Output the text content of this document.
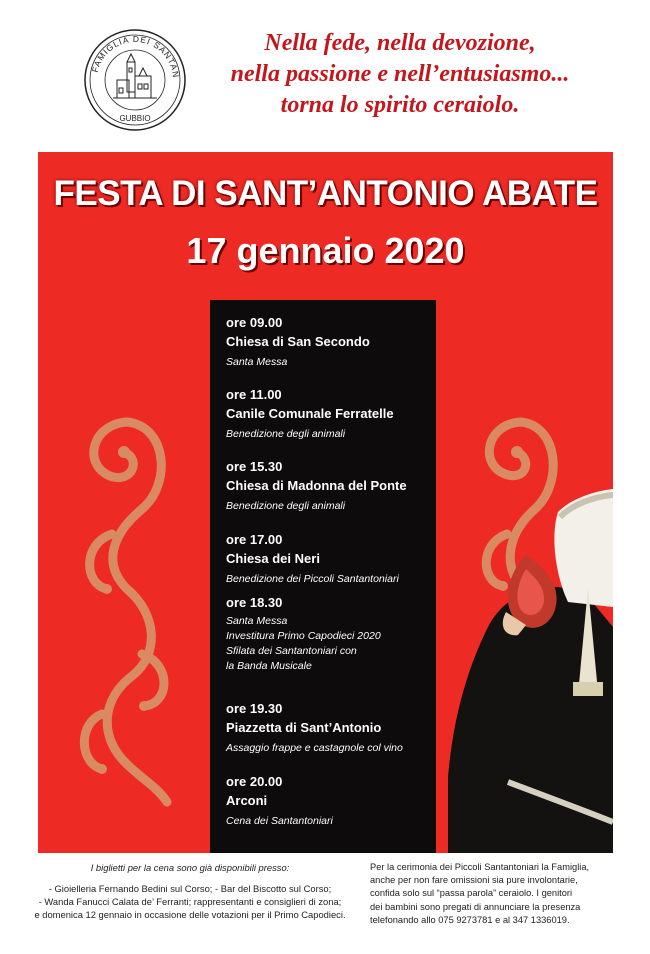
FAMIGLIA DEI SANTAN
GUBBIO
Nella fede, nella devozione,
nella passione e nell’entusiasmo...
torna lo spirito ceraiolo.
FESTA DI SANT’ANTONIO ABATE
17 gennaio 2020
ore 09.00
Chiesa di San Secondo
Santa Messa
ore 11.00
Canile Comunale Ferratelle
Benedizione degli animali
ore 15.30
Chiesa di Madonna del Ponte
Benedizione degli animali
ore 17.00
Chiesa dei Neri
Benedizione dei Piccoli Santantoniari
ore 18.30
Santa Messa
Investitura Primo Capodieci 2020
Sfilata dei Santantoniari con
la Banda Musicale
ore 19.30
Piazzetta di Sant’Antonio
Assaggio frappe e castagnole col vino
ore 20.00
Arconi
Cena dei Santantoniari
I biglietti per la cena sono già disponibili presso:
- Gioielleria Fernando Bedini sul Corso; - Bar del Biscotto sul Corso;
- Wanda Fanucci Calata de’ Ferranti; rappresentanti e consiglieri di zona;
e domenica 12 gennaio in occasione delle votazioni per il Primo Capodieci.
Per la cerimonia dei Piccoli Santantoniari la Famiglia,
anche per non fare omissioni sia pure involontarie,
confida solo sul “passa parola” ceraiolo. I genitori
dei bambini sono pregati di annunciare la presenza
telefonando allo 075 9273781 e al 347 1336019.
